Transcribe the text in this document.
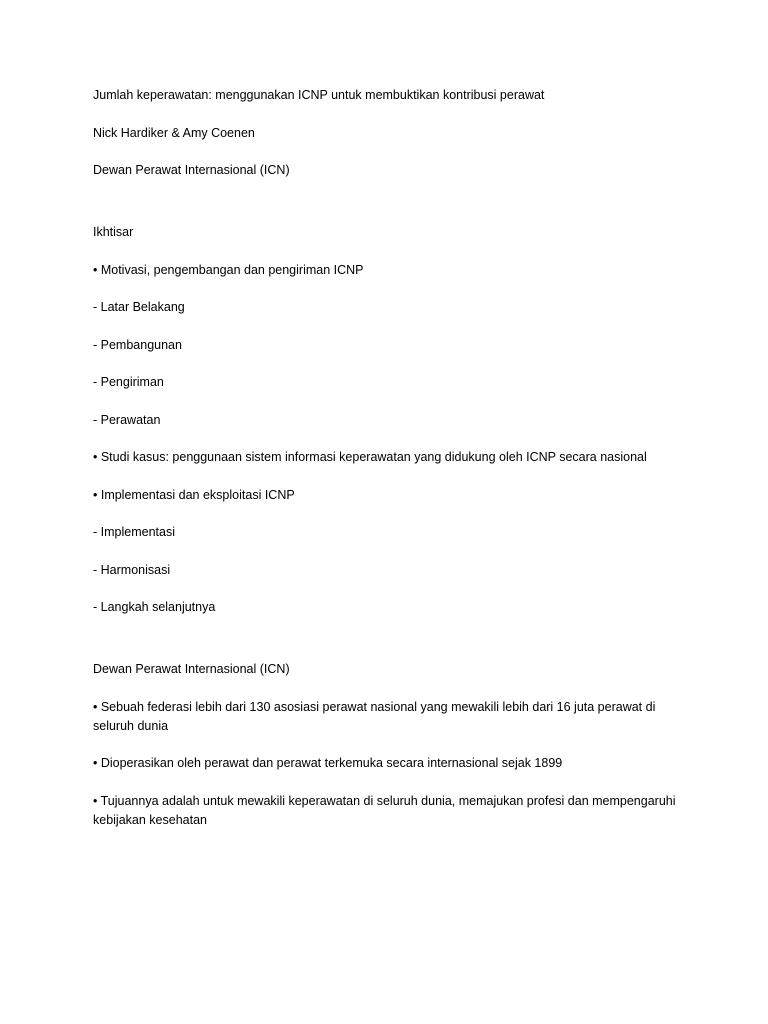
Jumlah keperawatan: menggunakan ICNP untuk membuktikan kontribusi perawat
Nick Hardiker & Amy Coenen
Dewan Perawat Internasional (ICN)
Ikhtisar
• Motivasi, pengembangan dan pengiriman ICNP
- Latar Belakang
- Pembangunan
- Pengiriman
- Perawatan
• Studi kasus: penggunaan sistem informasi keperawatan yang didukung oleh ICNP secara nasional
• Implementasi dan eksploitasi ICNP
- Implementasi
- Harmonisasi
- Langkah selanjutnya
Dewan Perawat Internasional (ICN)
• Sebuah federasi lebih dari 130 asosiasi perawat nasional yang mewakili lebih dari 16 juta perawat di seluruh dunia
• Dioperasikan oleh perawat dan perawat terkemuka secara internasional sejak 1899
• Tujuannya adalah untuk mewakili keperawatan di seluruh dunia, memajukan profesi dan mempengaruhi kebijakan kesehatan
